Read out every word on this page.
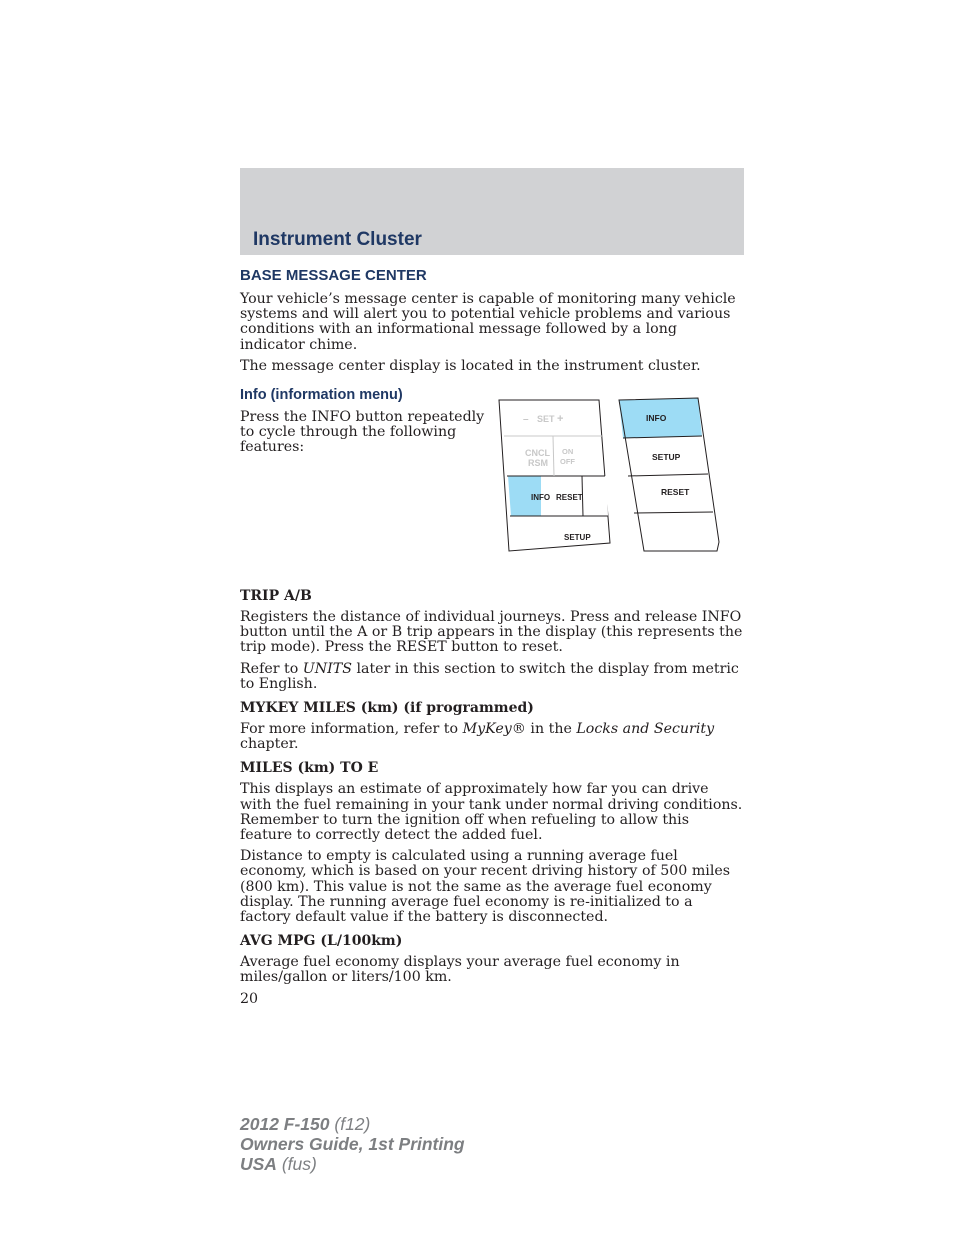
Instrument Cluster
BASE MESSAGE CENTER

Your vehicle’s message center is capable of monitoring many vehicle systems and will alert you to potential vehicle problems and various conditions with an informational message followed by a long indicator chime.

The message center display is located in the instrument cluster.

Info (information menu)

Press the INFO button repeatedly to cycle through the following features:

– SET +
CNCL
RSM
ON
OFF
INFO RESET
SETUP
INFO
SETUP
RESET
TRIP A/B

Registers the distance of individual journeys. Press and release INFO button until the A or B trip appears in the display (this represents the trip mode). Press the RESET button to reset.

Refer to UNITS later in this section to switch the display from metric to English.

MYKEY MILES (km) (if programmed)

For more information, refer to MyKey® in the Locks and Security chapter.

MILES (km) TO E

This displays an estimate of approximately how far you can drive with the fuel remaining in your tank under normal driving conditions. Remember to turn the ignition off when refueling to allow this feature to correctly detect the added fuel.

Distance to empty is calculated using a running average fuel economy, which is based on your recent driving history of 500 miles (800 km). This value is not the same as the average fuel economy display. The running average fuel economy is re-initialized to a factory default value if the battery is disconnected.

AVG MPG (L/100km)

Average fuel economy displays your average fuel economy in miles/gallon or liters/100 km.

20
2012 F-150 (f12)
Owners Guide, 1st Printing
USA (fus)
